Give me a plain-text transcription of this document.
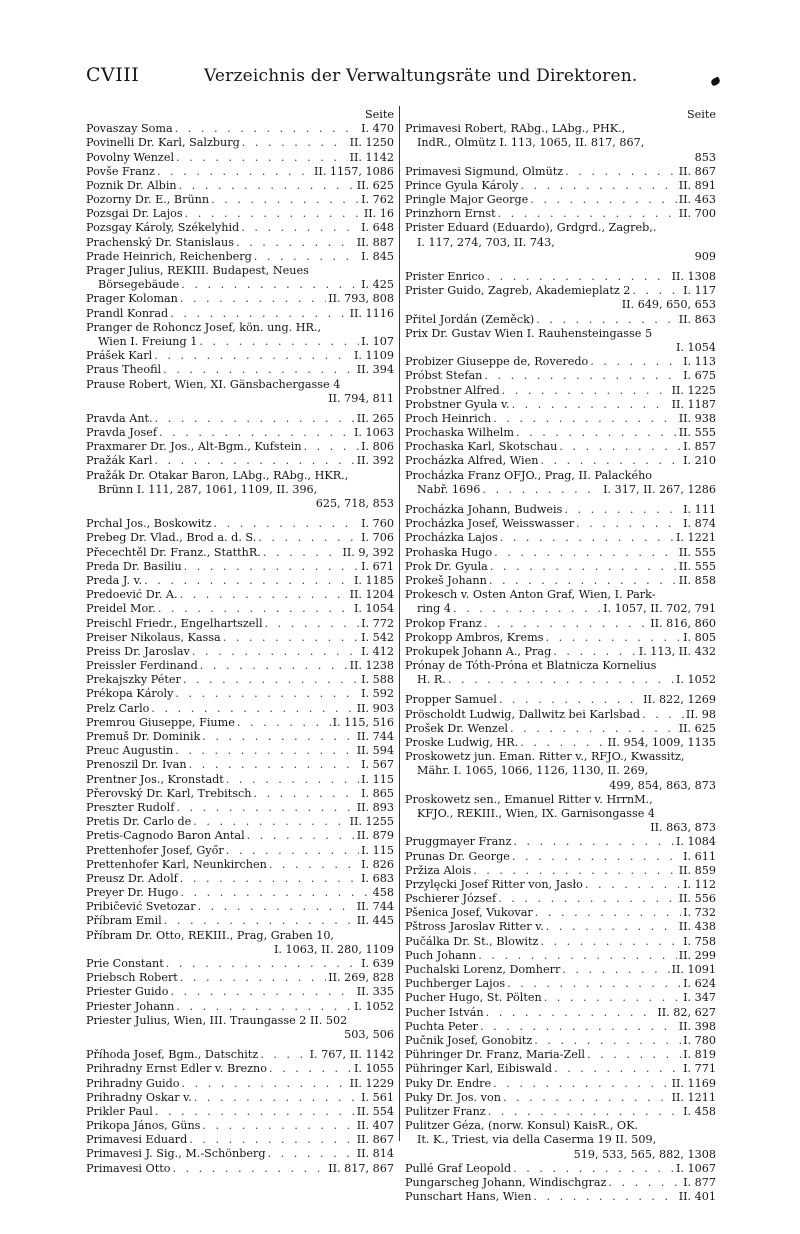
CVIII	Verzeichnis der Verwaltungsräte und Direktoren.
Seite
Povaszay Soma . . .	I. 470
Povinelli Dr. Karl, Salzburg . . .	II. 1250
Povolny Wenzel . . .	II. 1142
Povše Franz . . .	II. 1157, 1086
Poznik Dr. Albin . . .	II. 625
Pozorny Dr. E., Brünn . . .	I. 762
Pozsgai Dr. Lajos . . .	II. 16
Pozsgay Károly, Székelyhid . . .	I. 648
Prachenský Dr. Stanislaus . . .	II. 887
Prade Heinrich, Reichenberg . . .	I. 845
Prager Julius, REKIII. Budapest, Neues
Börsegebäude . . .	I. 425
Prager Koloman . . .	II. 793, 808
Prandl Konrad . . .	II. 1116
Pranger de Rohoncz Josef, kön. ung. HR.,
Wien I. Freiung 1 . . .	I. 107
Prášek Karl . . .	I. 1109
Praus Theofil . . .	II. 394
Prause Robert, Wien, XI. Gänsbachergasse 4
II. 794, 811
Pravda Ant. . . .	II. 265
Pravda Josef . . .	I. 1063
Praxmarer Dr. Jos., Alt-Bgm., Kufstein . . .	I. 806
Pražák Karl . . .	II. 392
Pražák Dr. Otakar Baron, LAbg., RAbg., HKR.,
Brünn I. 111, 287, 1061, 1109, II. 396,
625, 718, 853
Prchal Jos., Boskowitz . . .	I. 760
Prebeg Dr. Vlad., Brod a. d. S. . . .	I. 706
Přecechtěl Dr. Franz., StatthR. . . .	II. 9, 392
Preda Dr. Basiliu . . .	I. 671
Preda J. v. . . .	I. 1185
Predoević Dr. A. . . .	II. 1204
Preidel Mor. . . .	I. 1054
Preischl Friedr., Engelhartszell . . .	I. 772
Preiser Nikolaus, Kassa . . .	I. 542
Preiss Dr. Jaroslav . . .	I. 412
Preissler Ferdinand . . .	II. 1238
Prekajszky Péter . . .	I. 588
Prékopa Károly . . .	I. 592
Prelz Carlo . . .	II. 903
Premrou Giuseppe, Fiume . . .	I. 115, 516
Premuš Dr. Dominik . . .	II. 744
Preuc Augustin . . .	II. 594
Prenoszil Dr. Ivan . . .	I. 567
Prentner Jos., Kronstadt . . .	I. 115
Přerovský Dr. Karl, Trebitsch . . .	I. 865
Preszter Rudolf . . .	II. 893
Pretis Dr. Carlo de . . .	II. 1255
Pretis-Cagnodo Baron Antal . . .	II. 879
Prettenhofer Josef, Győr . . .	I. 115
Prettenhofer Karl, Neunkirchen . . .	I. 826
Preusz Dr. Adolf . . .	I. 683
Preyer Dr. Hugo . . .	458
Pribičević Svetozar . . .	II. 744
Příbram Emil . . .	II. 445
Příbram Dr. Otto, REKIII., Prag, Graben 10,
I. 1063, II. 280, 1109
Prie Constant . . .	I. 639
Priebsch Robert . . .	II. 269, 828
Priester Guido . . .	II. 335
Priester Johann . . .	I. 1052
Priester Julius, Wien, III. Traungasse 2 II. 502
503, 506
Příhoda Josef, Bgm., Datschitz . . .	I. 767, II. 1142
Prihradny Ernst Edler v. Brezno . . .	I. 1055
Prihradny Guido . . .	II. 1229
Prihradny Oskar v. . . .	I. 561
Prikler Paul . . .	II. 554
Prikopa János, Güns . . .	II. 407
Primavesi Eduard . . .	II. 867
Primavesi J. Sig., M.-Schönberg . . .	II. 814
Primavesi Otto . . .	II. 817, 867
Seite
Primavesi Robert, RAbg., LAbg., PHK.,
IndR., Olmütz I. 113, 1065, II. 817, 867,
853
Primavesi Sigmund, Olmütz . . .	II. 867
Prince Gyula Károly . . .	II. 891
Pringle Major George . . .	II. 463
Prinzhorn Ernst . . .	II. 700
Prister Eduard (Eduardo), Grdgrd., Zagreb,.
I. 117, 274, 703, II. 743,
909
Prister Enrico . . .	II. 1308
Prister Guido, Zagreb, Akademieplatz 2 . . .	I. 117
II. 649, 650, 653
Přitel Jordán (Zeměck) . . .	II. 863
Prix Dr. Gustav Wien I. Rauhensteingasse 5
I. 1054
Probizer Giuseppe de, Roveredo . . .	I. 113
Próbst Stefan . . .	I. 675
Probstner Alfred . . .	II. 1225
Probstner Gyula v. . . .	II. 1187
Proch Heinrich . . .	II. 938
Prochaska Wilhelm . . .	II. 555
Prochaska Karl, Skotschau . . .	I. 857
Procházka Alfred, Wien . . .	I. 210
Procházka Franz OFJO., Prag, II. Palackého
Nabř. 1696 . . .	I. 317, II. 267, 1286
Procházka Johann, Budweis . . .	I. 111
Procházka Josef, Weisswasser . . .	I. 874
Procházka Lajos . . .	I. 1221
Prohaska Hugo . . .	II. 555
Prok Dr. Gyula . . .	II. 555
Prokeš Johann . . .	II. 858
Prokesch v. Osten Anton Graf, Wien, I. Park-
ring 4 . . .	I. 1057, II. 702, 791
Prokop Franz . . .	II. 816, 860
Prokopp Ambros, Krems . . .	I. 805
Prokupek Johann A., Prag . . .	I. 113, II. 432
Prónay de Tóth-Próna et Blatnicza Kornelius
H. R. . . .	I. 1052
Propper Samuel . . .	II. 822, 1269
Pröscholdt Ludwig, Dallwitz bei Karlsbad . . .	II. 98
Prošek Dr. Wenzel . . .	II. 625
Proske Ludwig, HR. . . .	II. 954, 1009, 1135
Proskowetz jun. Eman. Ritter v., RFJO., Kwassitz,
Mähr. I. 1065, 1066, 1126, 1130, II. 269,
499, 854, 863, 873
Proskowetz sen., Emanuel Ritter v. HrrnM.,
KFJO., REKIII., Wien, IX. Garnisongasse 4
II. 863, 873
Pruggmayer Franz . . .	I. 1084
Prunas Dr. George . . .	I. 611
Pržiza Alois . . .	II. 859
Przylęcki Josef Ritter von, Jasło . . .	I. 112
Pschierer József . . .	II. 556
Pšenica Josef, Vukovar . . .	I. 732
Pštross Jaroslav Ritter v. . . .	II. 438
Pučálka Dr. St., Blowitz . . .	I. 758
Puch Johann . . .	II. 299
Puchalski Lorenz, Domherr . . .	II. 1091
Puchberger Lajos . . .	I. 624
Pucher Hugo, St. Pölten . . .	I. 347
Pucher István . . .	II. 82, 627
Puchta Peter . . .	II. 398
Pučnik Josef, Gonobitz . . .	I. 780
Pühringer Dr. Franz, Maria-Zell . . .	I. 819
Pühringer Karl, Eibiswald . . .	I. 771
Puky Dr. Endre . . .	II. 1169
Puky Dr. Jos. von . . .	II. 1211
Pulitzer Franz . . .	I. 458
Pulitzer Géza, (norw. Konsul) KaisR., OK.
It. K., Triest, via della Caserma 19 II. 509,
519, 533, 565, 882, 1308
Pullé Graf Leopold . . .	I. 1067
Pungarscheg Johann, Windischgraz . . .	I. 877
Punschart Hans, Wien . . .	II. 401
